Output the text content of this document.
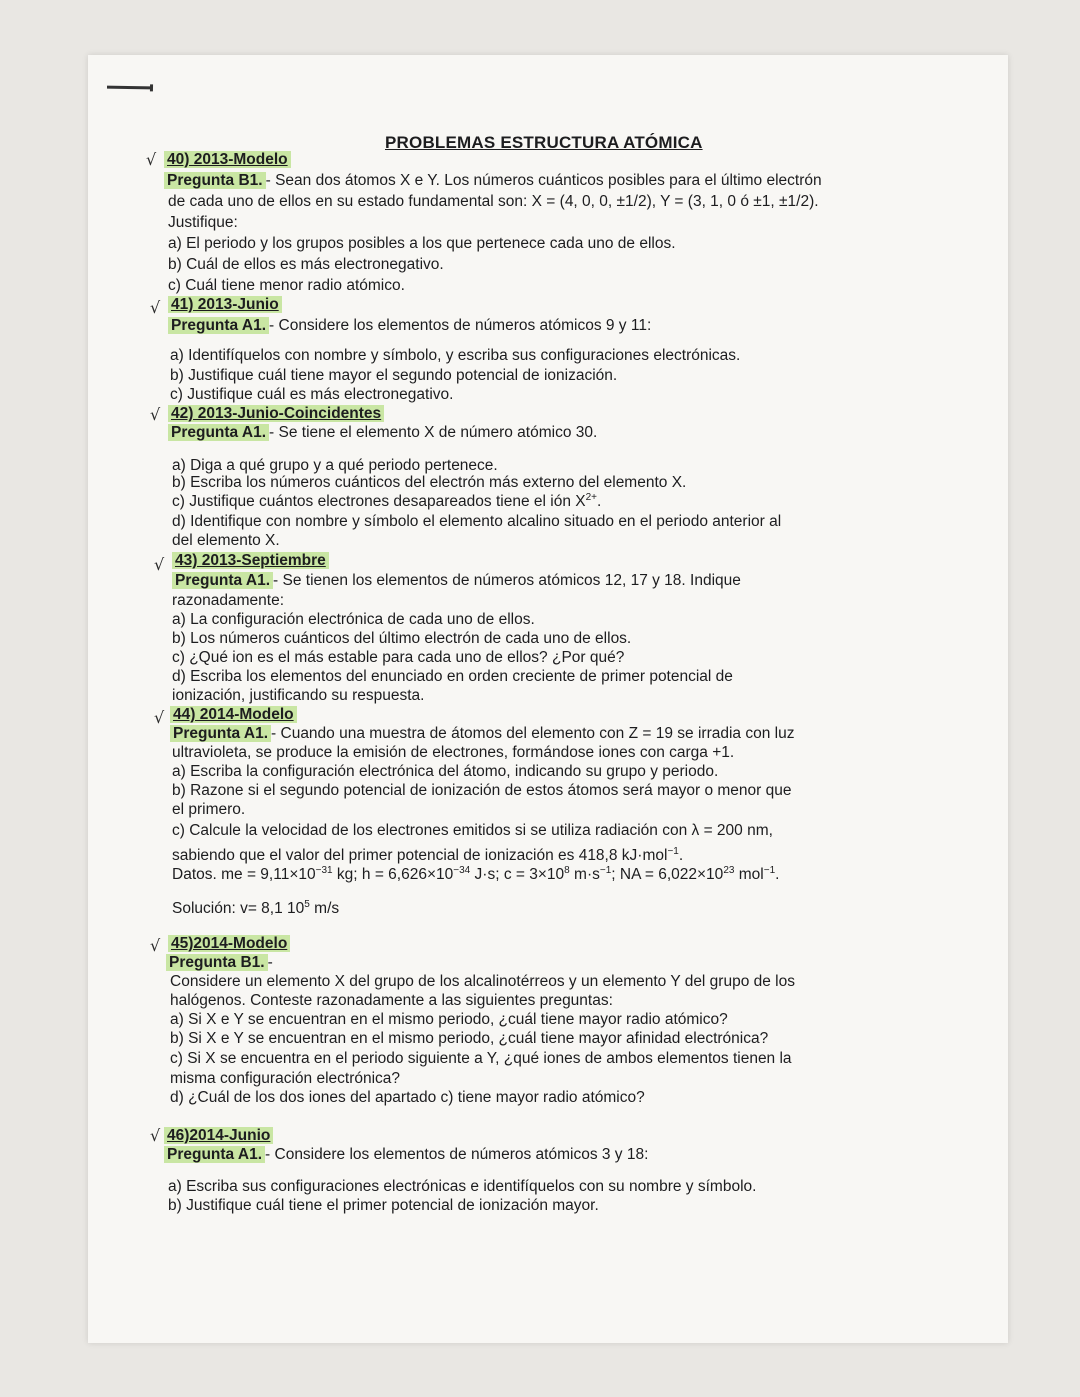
PROBLEMAS ESTRUCTURA ATÓMICA
√ 40) 2013-Modelo
Pregunta B1. - Sean dos átomos X e Y. Los números cuánticos posibles para el último electrón
de cada uno de ellos en su estado fundamental son: X = (4, 0, 0, ±1/2), Y = (3, 1, 0 ó ±1, ±1/2).
Justifique:
a) El periodo y los grupos posibles a los que pertenece cada uno de ellos.
b) Cuál de ellos es más electronegativo.
c) Cuál tiene menor radio atómico.
√ 41) 2013-Junio
Pregunta A1. - Considere los elementos de números atómicos 9 y 11:
a) Identifíquelos con nombre y símbolo, y escriba sus configuraciones electrónicas.
b) Justifique cuál tiene mayor el segundo potencial de ionización.
c) Justifique cuál es más electronegativo.
√ 42) 2013-Junio-Coincidentes
Pregunta A1. - Se tiene el elemento X de número atómico 30.
a) Diga a qué grupo y a qué periodo pertenece.
b) Escriba los números cuánticos del electrón más externo del elemento X.
c) Justifique cuántos electrones desapareados tiene el ión $X^{2+}$.
d) Identifique con nombre y símbolo el elemento alcalino situado en el periodo anterior al
del elemento X.
√ 43) 2013-Septiembre
Pregunta A1. - Se tienen los elementos de números atómicos 12, 17 y 18. Indique
razonadamente:
a) La configuración electrónica de cada uno de ellos.
b) Los números cuánticos del último electrón de cada uno de ellos.
c) ¿Qué ion es el más estable para cada uno de ellos? ¿Por qué?
d) Escriba los elementos del enunciado en orden creciente de primer potencial de
ionización, justificando su respuesta.
√ 44) 2014-Modelo
Pregunta A1. - Cuando una muestra de átomos del elemento con Z = 19 se irradia con luz
ultravioleta, se produce la emisión de electrones, formándose iones con carga +1.
a) Escriba la configuración electrónica del átomo, indicando su grupo y periodo.
b) Razone si el segundo potencial de ionización de estos átomos será mayor o menor que
el primero.
c) Calcule la velocidad de los electrones emitidos si se utiliza radiación con λ = 200 nm,
sabiendo que el valor del primer potencial de ionización es 418,8 kJ·mol$^{-1}$.
Datos. me = $9,11\times 10^{-31}$ kg; $h = 6,626\times 10^{-34}$ J·s; $c = 3\times 10^8$ $m\cdot s^{-1}$; NA = $6,022\times 10^{23}$ mol$^{-1}$.
Solución: v= 8,1 $10^5$ m/s
√ 45)2014-Modelo
Pregunta B1. -
Considere un elemento X del grupo de los alcalinotérreos y un elemento Y del grupo de los
halógenos. Conteste razonadamente a las siguientes preguntas:
a) Si X e Y se encuentran en el mismo periodo, ¿cuál tiene mayor radio atómico?
b) Si X e Y se encuentran en el mismo periodo, ¿cuál tiene mayor afinidad electrónica?
c) Si X se encuentra en el periodo siguiente a Y, ¿qué iones de ambos elementos tienen la
misma configuración electrónica?
d) ¿Cuál de los dos iones del apartado c) tiene mayor radio atómico?
√ 46)2014-Junio
Pregunta A1. - Considere los elementos de números atómicos 3 y 18:
a) Escriba sus configuraciones electrónicas e identifíquelos con su nombre y símbolo.
b) Justifique cuál tiene el primer potencial de ionización mayor.
